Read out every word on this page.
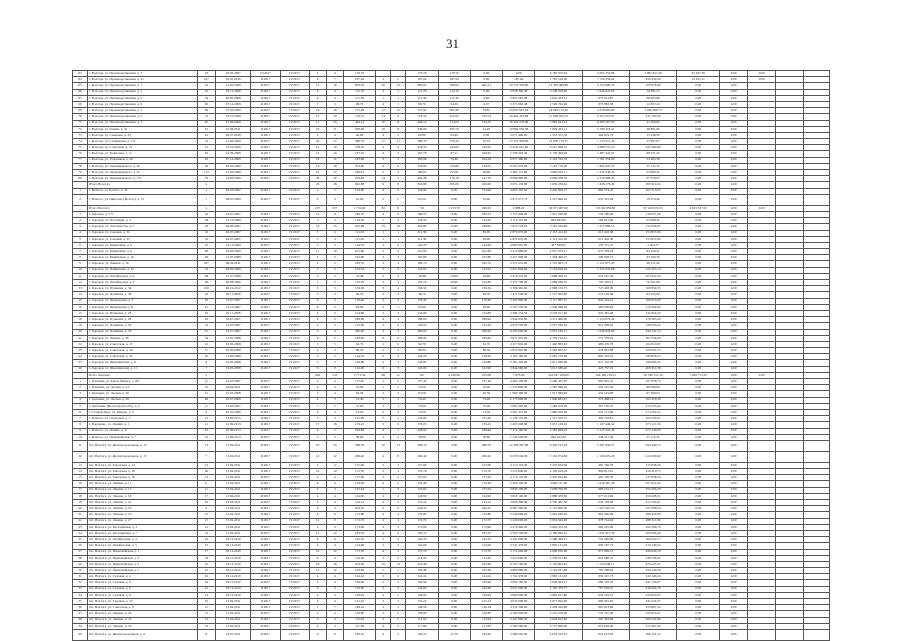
31
63	г. Вологда, ул. Производственная, д. 7	43	20.05.2007	IV.2017	IV.2017	5	4	179,76			179,76	179,76	0,00	0,00	6 183 975,94	2 955 252,86	3 997 627,26	32 267,38	0,00	0,00		
64	г. Вологда, ул. Производственная, д. 41	107	29.05.2016	II.2017	IV.2017	6	7	187,94	2	2	187,94	187,94	0,00	187,94	7 781 516,00	7 726 356,64	956 459,36	10 021,11	0,00	0,00		
65	г. Вологда, ул. Производственная, д. 7	24	14.02.2008	II.2017	IV.2017	15	16	663,93	20	13	663,93	506,04	402,21	20 776 478,80	13 303 489,86	4 754 989,32	100 678,90	0,00	0,00			
66	г. Вологда, ул. Производственная, д. 1	42	29.12.2006	II.2017	IV.2017	8	4	112,76	3	1	112,76	112,76	0,00	3 938 362,48	3 138 958,60	1 649 922,94	10 891,27	0,00	0,00			
67	г. Вологда, ул. Производственная, д. 5	34	06.05.2008	II.2017	IV.2017	6	4	111,36	1	1	111,36	111,36	0,00	3 897 081,00	2 822 433,13	976 011,87	98 005,80	0,00	0,00			
68	г. Вологда, ул. Производственная, д. 6	60	07.12.2009	II.2017	IV.2017	7	3	98,76	4	1	98,76	94,39	4,37	3 373 062,48	2 520 762,06	873 863,58	12 837,24	0,00	0,00			
69	г. Вологда, ул. Производственная, д. 1	66	07.05.2009	II.2017	IV.2017	16	16	715,69	17	15	715,69	661,88	53,81	23 697 847,24	18 084 172,62	4 316 685,89	1 046 988,73	0,00	0,00			
70	г. Вологда, ул. Производственная, д. 5	74	10.10.2008	II.2017	IV.2017	12	10	716,16	13	8	716,16	612,63	103,53	24 494 423,08	17 999 620,53	6 351 619,47	143 183,08	0,00	0,00			
71	г. Вологда, ул. Производственная, д. 7	45	07.06.2008	II.2017	IV.2017	11	23	464,14	10	8	464,14	313,64	150,50	16 454 570,06	7 865 641,41	8 366 567,83	22 360,82	0,00	0,00			
72	г. Вологда, ул. Разина, д. 41	31	01.06.2011	II.2017	IV.2017	10	8	336,99	10	8	336,99	295,70	41,29	10 864 502,58	7 629 423,21	3 186 218,31	48 861,06	0,00	0,00			
73	г. Вологда, ул. Северная, д. 23	22	06.07.2018	II.2017	IV.2017	4	4	62,99	4	3	62,99	62,99	0,00	2 071 409,90	1 551 351,59	504 819,72	15 238,59	0,00	0,00			
74	г. Вологда, ул. Славянская, д. 17а	16	14.09.2009	II.2017	IV.2017	24	27	389,76	17	21	389,76	370,43	19,33	13 376 439,60	12 056 170,27	1 314 371,46	25 897,87	0,00	0,00			
75	г. Вологда, ул. Советская, д. 72	12	25.10.2008	II.2017	IV.2017	12	10	478,50	4	4	478,50	244,00	234,50	13 645 641,60	9 221 808,31	3 988 572,33	435 260,96	0,00	0,00			
76	г. Вологда, ул. Трактовая, д. 11	29	23.06.2008	II.2017	IV.2017	12	14	167,76	4	5	167,76	67,11	100,65	5 796 293,49	4 176 496,93	1 487 441,91	68 931,42	0,00	0,00			
77	г. Вологда, ул. Ударников, д. 20	16	07.12.2009	II.2017	IV.2017	18	12	183,96	3	3	183,96	79,46	104,50	6 977 380,69	5 161 762,18	1 761 354,93	54 263,58	0,00	0,00			
78	г. Вологда, ул. Чернышевского, д. 92	63	20.02.2009	II.2017	IV.2017	18	18	253,90	4	6	253,90	123,89	130,01	6 593 353,08	5 191 770,99	1 364 470,33	37 111,76	0,00	0,00			
79	г. Вологда, ул. Чернышевского, д. 97	112	23.06.2008	II.2017	IV.2017	10	12	186,61	5	4	186,61	155,81	30,80	5 362 773,89	3 969 625,11	1 339 348,26	53 800,52	0,00	0,00			
80	г. Вологда, ул. Чернышевского, д. 157	33	23.06.2008	II.2017	IV.2017	28	29	264,48	14	2	264,48	116,78	147,70	9 086 860,84	6 604 058,39	2 410 986,45	67 076,03	0,00	0,00			
	Итого Вологда	x				26	28	845,88	9	8	845,88	295,09	320,08	2 674 135,00	1 656 230,94	1 628 278,40	385 919,04	0,00	0,00			
1	г. Вохтога, ул. Болото, д. 32	2	20.03.2007	II.2017	IV.2017	4	5	154,90	4	3	154,90	0,00	154,90	4 665 363,43	3 425 828,71	882 574,45	207 513,85	0,00	0,00			
2	г. Вохтога, ул. Пирогова (Болото), д. 13	1	28.05.2009	II.2017	IV.2017	4	4	91,00	2	2	91,00	0,00	91,00	2 971 671,73	2 317 896,24	655 501,09	18 274,40	0,00	0,00			
	Итого Вохтога	x				257	257	1 755,60	82	8	56	2 155,70	290,93	2 888,20	30 471 007,00	29 162 859,80	67 106 072,05	4 023 337,25	0,00	0,00		
1	г. Харовск, д. 7/3	19	24.07.2007	II.2017	IV.2017	12	8	189,70	4	6	189,70	6,00	183,70	2 773 448,00	1 915 200,00	742 280,00	118 075,50	0,00	0,00			
2	г. Харовск, ул. Почтовый, д. 4	26	25.12.2008	II.2017	IV.2017	5	4	124,50	1	3	124,50	0,00	124,50	3 116 325,60	828 042,60	700 821,00	35 098,20	0,00	0,00			
3	г. Харовск, ул. Энтузиастов, д. 5	18	26.06.2007	II.2017	IV.2017	16	15	263,89	15	16	263,89	15,90	248,00	7 013 718,91	5 101 559,86	1 477 886,15	152 058,07	0,00	0,00			
4	г. Харовск, ул. Садовая, д. 31	16	26.07.2007	II.2017	IV.2017	3	4	111,36	1	1	111,36	0,00	83,00	2 879 670,00	2 113 412,02	613 410,38	153 837,60	0,00	0,00			
5	г. Харовск, ул. Садовая, д. 35	33	26.07.2007	II.2017	IV.2017	3	4	111,36	1	1	111,36	0,00	83,00	2 879 670,00	2 113 412,02	613 410,38	153 837,60	0,00	0,00			
6	г. Харовск, ул. Кирпичная, д. 6	25	25.12.2009	II.2017	IV.2017	3	3	144,76	3	4	144,76	0,00	144,90	4 669 961,80	387 829,95	156 575,45	2 004,75	0,00	0,00			
7	г. Харовск, ул. Кирпичная, д. 9	48	03.06.2009	II.2017	IV.2017	11	10	221,60	5	3	221,60	0,00	221,60	3 415 886,60	2 657 079,21	675 378,18	83 429,21	0,00	0,00			
8	г. Харовск, ул. Кирпичная, д. 10	46	13.07.2008	II.2017	IV.2017	3	2	105,80	2	3	105,80	0,00	105,80	3 471 900,00	1 258 400,27	209 928,73	93 590,70	0,00	0,00			
9	г. Харовск, ул. Ленина, д. 19	107	08.04.2011	II.2017	IV.2017	3	2	182,70	3	3	182,70	0,00	182,70	5 372 931,60	2 747 905,75	1 112 877,45	36 151,60	0,00	0,00			
10	г. Харовск, ул. Пейфонова, д. 23	52	09.06.2008	II.2017	IV.2017	5	3	153,93	2	4	153,93	0,00	153,93	5 051 844,00	3 554 956,02	1 374 432,88	122 455,10	0,00	0,00			
11	г. Харовск, ул. Октябрьская, д. 6	68	07.07.2008	II.2017	IV.2017	3	5	76,48	2	3	76,48	22,00	54,48	2 416 579,00	1 888 929,35	324 297,36	203 352,29	0,00	0,00			
12	г. Харовск, ул. Октябрьская, д. 3	66	06.08.2009	II.2017	IV.2017	3	3	153,70	3	4	153,70	20,90	132,80	3 475 700,00	2 696 930,25	702 478,15	76 291,60	0,00	0,00			
13	г. Харовск, ул. Пушкина, д. 34	100	06.10.2012	II.2017	IV.2017	3	3	136,56	3	4	136,56	0,00	136,56	3 796 365,90	2 898 165,75	725 428,09	169 832,53	0,00	0,00			
14	г. Харовск, ул. Пушкина, д. 38	76	20.11.2009	II.2017	IV.2017	3	3	49,70	3	3	49,70	0,00	49,70	1 411 540,00	1 237 903,60	274 103,40	93 193,00	0,00	0,00			
15	г. Харовск, ул. Пионерская, д. 3	19	16.07.2007	II.2017	IV.2017	4	4	176,40	2	3	176,40	0,00	176,40	5 203 800,00	4 117 867,41	843 316,61	166 616,00	0,00	0,00			
16	г. Харовск, ул. Пионерская, д. 8	21	12.12.2007	II.2017	IV.2017	6	2	63,90	2	1	63,90	0,00	63,90	2 167 550,00	1 506 968,49	483 636,82	176 944,69	0,00	0,00			
17	г. Харовск, ул. Пушкина, д. 26	34	22.11.2008	II.2017	IV.2017	4	3	154,89	2	3	154,89	0,00	154,89	5 366 152,50	4 276 011,82	947 481,48	142 659,20	0,00	0,00			
18	г. Харовск, ул. Пушкина, д. 28	16	16.07.2007	II.2017	IV.2017	6	6	188,00	4	3	188,00	0,00	188,00	5 944 635,60	4 511 400,00	1 154 972,40	278 263,20	0,00	0,00			
19	г. Харовск, ул. Пушкина, д. 30	16	16.07.2007	II.2017	IV.2017	4	3	145,00	2	4	145,00	0,00	145,00	4 618 503,00	3 657 630,16	812 369,81	148 503,03	0,00	0,00			
20	г. Харовск, ул. Пушкина, д. 32	47	16.07.2007	II.2017	IV.2017	4	4	200,00	3	3	200,00	0,00	200,00	6 350 000,00	4 975 180,17	1 028 478,69	346 341,14	0,00	0,00			
21	г. Харовск, ул. Ленина, д. 39	54	15.07.2008	II.2017	IV.2017	6	5	184,90	6	6	184,90	0,00	184,90	3 671 947,00	2 793 719,41	571 178,10	307 049,49	0,00	0,00			
22	г. Харовск, ул. Советская, д. 15	12	18.05.2008	II.2017	IV.2017	3	5	62,70	2	2	62,70	0,00	62,70	2 117 902,00	1 492 805,63	460 476,70	164 619,67	0,00	0,00			
23	г. Харовск, ул. Советская, д. 18	17	20.09.2008	II.2017	IV.2017	4	3	89,30	2	2	89,30	0,00	89,30	2 873 016,80	2 264 863,37	378 891,88	229 261,55	0,00	0,00			
24	г. Харовск, ул. Советская, д. 22	22	13.06.2008	II.2017	IV.2017	3	3	144,76	3	3	144,76	0,00	120,00	4 164 160,00	3 081 778,00	895 503,47	186 878,53	0,00	0,00			
25	г. Харовск, ул. Шекснинская, д. 8	9	16.05.2008	II.2017	IV.2017	3	2	129,80	4	3	129,80	0,00	129,80	3 781 240,00	2 911 840,09	671 310,50	198 089,41	0,00	0,00			
26	г. Харовск, ул. Шекснинская, д. 11	7	16.05.2008	II.2017	IV.2017	9	9	122,90	9	3	122,90	0,00	122,90	3 844 660,00	3 011 580,46	423 767,16	409 312,38	0,00	0,00			
	Итого Харовск	x				240	231	5 773,50	98	11	84	4 196,00	105,08	7 675,00	144 197 169,00	104 166 158,21	30 799 151,34	7 209 775,25	0,00	0,00		
1	г. Грязовец, ул. Карла Маркса, д. 99	21	24.07.2007	II.2017	IV.2017	4	4	137,40	1	2	137,40	0,00	137,40	4 262 109,00	3 200 427,05	893 825,22	167 856,73	0,00	0,00			
2	г. Грязовец, ул. Лесная, д. 24	31	04.04.2011	II.2017	IV.2017	4	4	52,00	1	2	52,00	0,00	52,00	1 579 800,00	1 287 966,20	203 247,20	88 586,60	0,00	0,00			
3	г. Грязовец, ул. Лесная, д. 26	21	01.01.2008	II.2017	IV.2017	5	4	63,58	1	2	63,58	0,00	63,58	1 969 380,00	1 617 960,99	254 119,98	97 299,03	0,00	0,00			
4	г. Грязовец, ул. Лесная, д. 28	26	18.07.2008	II.2017	IV.2017	4	3	74,40	3	1	74,40	0,00	74,40	2 175 800,00	1 640 081,47	373 408,14	162 310,39	0,00	0,00			
5	г. Любазино (Вологодская обл.), д. 5	11	13.03.2007	II.2017	IV.2017	7	5	75,00	2	1	75,00	0,00	75,00	2 065 497,00	1 484 976,00	367 185,76	213 335,24	0,00	0,00			
6	г. Старый Двор, ул. Кирова, д. 5	9	20.01.2009	II.2017	IV.2017	4	4	73,59	2	3	73,59	0,00	73,59	2 381 375,00	1 880 950,69	325 721,90	174 702,41	0,00	0,00			
7	г. Вохтога, ул. Советская, д. 7	12	13.09.2013	II.2017	IV.2017	3	3	141,00	3	2	141,00	0,00	141,00	2 136 155,00	1 511 504,72	462 119,81	162 530,47	0,00	0,00			
8	г. Хорошево, ул. Ленина, д. 1	12	12.09.2013	II.2017	IV.2017	17	18	176,23	5	6	176,23	0,00	176,23	5 497 668,00	3 957 100,22	1 167 446,44	373 121,34	0,00	0,00			
9	г. Вохтога, ул. Ленина, д. 6	22	20.09.2013	II.2017	IV.2017	6	3	228,60	4	1	228,60	0,00	228,60	7 174 180,00	5 583 008,43	1 215 431,48	375 740,09	0,00	0,00			
10	г. Вохтога, ул. Первомайская, д. 7	10	12.09.2013	II.2017	IV.2017	3	3	38,60	3	3	38,60	0,00	38,60	1 149 500,00	846 163,29	248 217,46	55 119,25	0,00	0,00			
11	пгт. Вохтога, ул. Железнодорожная, д. 15	13	13.04.2011	II.2017	IV.2017	25	25	368,70	10	13	368,70	0,00	368,70	12 369 997,80	9 342 723,59	2 391 834,27	635 440,15	0,00	0,00			
12	пгт. Вохтога, ул. Железнодорожная, д. 17	7	13.04.2011	II.2017	IV.2017	12	12	209,40	4	8	209,40	0,00	209,40	6 676 549,00	5 132 974,69	1 129 474,29	414 100,02	0,00	0,00			
13	пгт. Вохтога, ул. Заводская, д. 14	12	13.04.2011	II.2017	IV.2017	4	4	137,00	5	3	137,00	0,00	137,00	4 174 110,00	3 476 934,66	481 336,78	215 838,56	0,00	0,00			
14	пгт. Вохтога, ул. Заводская, д. 16	36	13.04.2011	II.2017	IV.2017	10	14	172,76	3	4	172,76	0,00	172,76	5 213 640,00	4 102 618,26	860 811,01	250 210,73	0,00	0,00			
15	пгт. Вохтога, ул. Заводская, д. 18	13	13.04.2011	II.2017	IV.2017	4	4	137,00	5	3	137,00	0,00	137,00	4 174 110,00	3 476 934,66	481 336,78	215 838,56	0,00	0,00			
16	пгт. Вохтога, ул. Ленина, д. 11	9	13.04.2011	II.2017	IV.2017	6	6	176,48	6	2	176,48	0,00	176,48	5 366 500,00	3 990 117,00	1 018 461,38	357 921,62	0,00	0,00			
17	пгт. Вохтога, ул. Ленина, д. 17	11	13.04.2011	II.2017	IV.2017	4	4	125,64	1	3	125,64	0,00	125,64	3 843 100,00	2 906 706,00	683 101,71	253 292,29	0,00	0,00			
18	пгт. Вохтога, ул. Ленина, д. 19	17	13.04.2011	II.2017	IV.2017	4	4	124,90	2	2	124,90	0,00	124,90	3 816 100,00	2 888 478,00	677 213,69	250 408,31	0,00	0,00			
19	пгт. Вохтога, ул. Ленина, д. 21	16	13.04.2011	II.2017	IV.2017	4	4	114,14	4	2	114,14	0,00	114,14	3 608 390,00	2 700 463,30	635 164,09	272 762,61	0,00	0,00			
20	пгт. Вохтога, ул. Ленина, д. 23	6	13.04.2011	II.2017	IV.2017	4	4	224,10	2	2	224,10	0,00	224,10	6 882 300,00	5 131 800,00	1 223 401,57	527 098,43	0,00	0,00			
21	пгт. Вохтога, ул. Ленина, д. 25	31	13.04.2011	II.2017	IV.2017	8	8	172,80	4	4	172,80	0,00	172,80	5 230 800,00	3 961 040,04	981 430,66	288 329,30	0,00	0,00			
22	пгт. Вохтога, ул. Ленина, д. 27	15	13.04.2011	II.2017	IV.2017	12	8	172,70	4	4	172,70	0,00	172,70	5 220 000,00	3 952 944,00	978 744,04	288 311,96	0,00	0,00			
23	пгт. Вохтога, ул. Молодёжная, д. 3	12	13.04.2011	II.2017	IV.2017	4	4	173,96	3	3	173,96	0,00	173,96	5 270 900,00	3 992 355,18	986 245,06	292 299,76	0,00	0,00			
24	пгт. Вохтога, ул. Молодёжная, д. 7	19	13.04.2011	II.2017	IV.2017	12	12	183,70	4	4	183,70	0,00	183,70	5 524 700,00	4 199 840,16	1 031 813,36	293 046,48	0,00	0,00			
25	пгт. Вохтога, ул. Октябрьская, д. 3	23	03.12.2010	II.2017	IV.2017	8	6	142,70	3	3	142,70	0,00	142,70	4 392 806,80	3 408 498,15	724 285,88	260 022,77	0,00	0,00			
26	пгт. Вохтога, ул. Октябрьская, д. 5	12	03.12.2010	II.2017	IV.2017	4	4	124,06	2	2	124,06	0,00	124,06	3 741 478,00	2 895 131,03	636 197,73	210 149,24	0,00	0,00			
27	пгт. Вохтога, ул. Первомайская, д. 1	17	03.12.2010	II.2017	IV.2017	12	12	173,76	4	2	173,76	0,00	173,76	5 174 600,00	4 006 950,69	871 009,13	296 640,18	0,00	0,00			
28	пгт. Вохтога, ул. Первомайская, д. 3	18	03.12.2010	II.2017	IV.2017	6	4	114,30	2	2	114,30	0,00	114,30	3 413 000,00	2 558 012,89	616 286,79	238 700,32	0,00	0,00			
29	пгт. Вохтога, ул. Первомайская, д. 5	12	03.12.2010	II.2017	IV.2017	18	18	223,48	10	10	223,48	0,00	223,48	6 763 100,00	5 129 804,92	1 154 049,71	479 245,37	0,00	0,00			
30	пгт. Вохтога, ул. Первомайская, д. 7	10	03.12.2010	II.2017	IV.2017	12	12	163,48	5	5	163,48	0,00	163,48	4 883 600,00	3 752 041,96	787 208,65	344 349,39	0,00	0,00			
31	пгт. Вохтога, ул. Садовая, д. 2	16	03.12.2010	II.2017	IV.2017	4	4	124,24	2	2	124,24	0,00	124,24	3 741 478,00	2 895 131,03	636 197,73	210 149,24	0,00	0,00			
32	пгт. Вохтога, ул. Садовая, д. 4	16	03.12.2010	II.2017	IV.2017	4	4	129,96	2	2	129,96	0,00	129,96	3 960 760,00	3 030 063,15	689 163,78	241 533,07	0,00	0,00			
33	пгт. Вохтога, ул. Садовая, д. 6	21	03.12.2010	II.2017	IV.2017	4	4	132,69	2	2	132,69	0,00	132,69	4 051 000,00	3 105 470,77	707 064,47	238 464,76	0,00	0,00			
34	пгт. Вохтога, ул. Садовая, д. 8	13	03.12.2010	II.2017	IV.2017	4	4	126,94	4	2	126,94	0,00	126,94	3 869 000,00	2 964 011,80	670 163,15	234 825,05	0,00	0,00			
35	пгт. Вохтога, ул. Садовая, д. 10	10	13.04.2011	II.2017	IV.2017	4	4	131,22	3	2	131,22	0,00	131,22	4 010 000,00	3 077 094,00	690 981,63	241 924,37	0,00	0,00			
36	пгт. Вохтога, ул. Советская, д. 9	11	13.04.2011	II.2017	IV.2017	7	7	146,18	5	3	146,18	0,00	146,18	4 516 100,00	3 456 418,80	805 813,66	253 867,54	0,00	0,00			
37	пгт. Вохтога, ул. Ленина, д. 29	15	13.04.2011	II.2017	IV.2017	4	4	136,80	2	2	136,80	0,00	136,80	4 186 000,00	3 210 018,00	725 167,09	250 814,91	0,00	0,00			
38	пгт. Вохтога, ул. Ленина, д. 31	12	13.04.2011	II.2017	IV.2017	4	4	112,94	2	2	112,94	0,00	112,94	3 447 860,00	2 644 023,60	597 294,60	206 541,80	0,00	0,00			
39	пгт. Вохтога, ул. Ленина, д. 33	16	13.04.2011	II.2017	IV.2017	4	4	117,84	4	2	117,84	0,00	117,84	3 596 380,00	2 757 860,00	623 029,00	215 491,00	0,00	0,00			
40	пгт. Вохтога, ул. Железнодорожная, д. 9	8	16.07.2011	II.2017	IV.2017	9	9	160,10	4	2	160,10	21,70	138,40	3 486 661,00	2 654 532,23	623 012,65	209 116,12	0,00	0,00			
